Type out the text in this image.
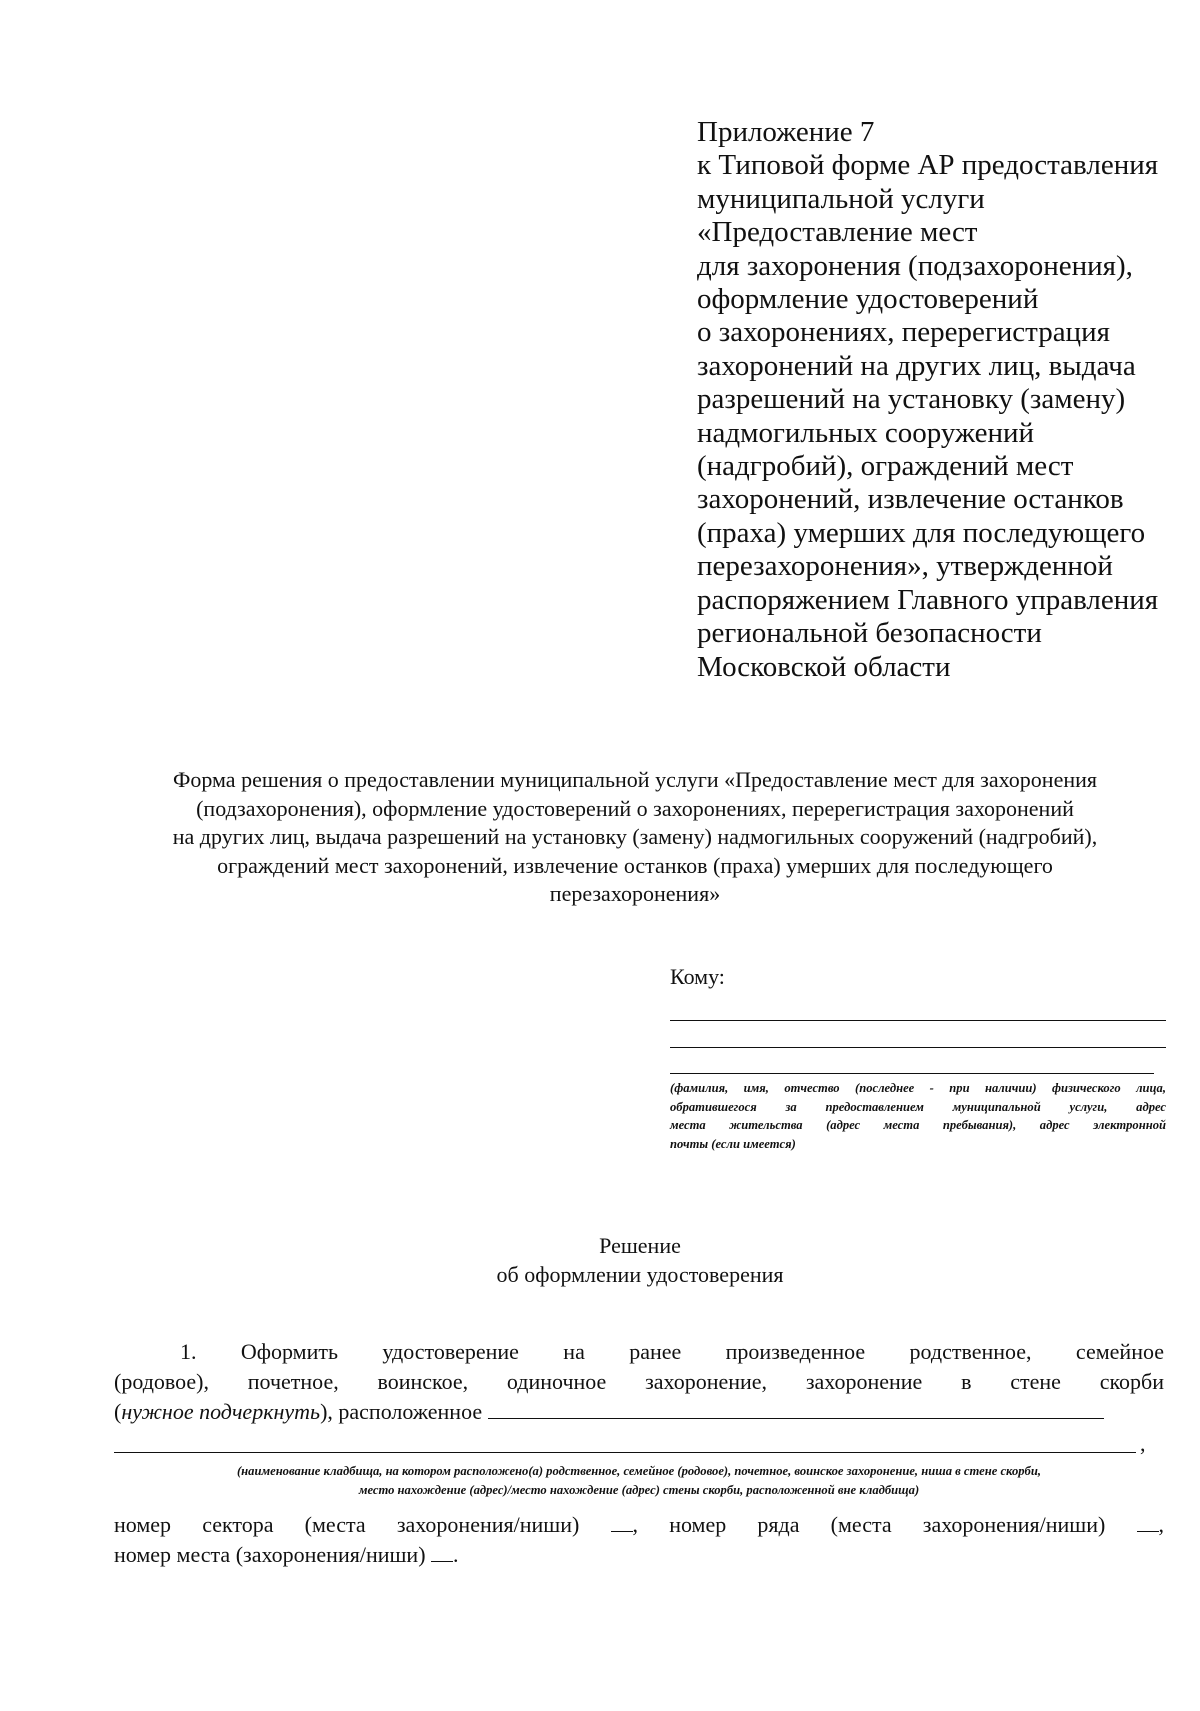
Приложение 7
к Типовой форме АР предоставления
муниципальной услуги
«Предоставление мест
для захоронения (подзахоронения),
оформление удостоверений
о захоронениях, перерегистрация
захоронений на других лиц, выдача
разрешений на установку (замену)
надмогильных сооружений
(надгробий), ограждений мест
захоронений, извлечение останков
(праха) умерших для последующего
перезахоронения», утвержденной
распоряжением Главного управления
региональной безопасности
Московской области
Форма решения о предоставлении муниципальной услуги «Предоставление мест для захоронения
(подзахоронения), оформление удостоверений о захоронениях, перерегистрация захоронений
на других лиц, выдача разрешений на установку (замену) надмогильных сооружений (надгробий),
ограждений мест захоронений, извлечение останков (праха) умерших для последующего
перезахоронения»
Кому:
(фамилия, имя, отчество (последнее - при наличии) физического лица,
обратившегося за предоставлением муниципальной услуги, адрес
места жительства (адрес места пребывания), адрес электронной
почты (если имеется)
Решение
об оформлении удостоверения
1. Оформить удостоверение на ранее произведенное родственное, семейное
(родовое), почетное, воинское, одиночное захоронение, захоронение в стене скорби
(нужное подчеркнуть), расположенное
,
(наименование кладбища, на котором расположено(а) родственное, семейное (родовое), почетное, воинское захоронение, ниша в стене скорби,
место нахождение (адрес)/место нахождение (адрес) стены скорби, расположенной вне кладбища)
номер сектора (места захоронения/ниши) , номер ряда (места захоронения/ниши) ,
номер места (захоронения/ниши) .
